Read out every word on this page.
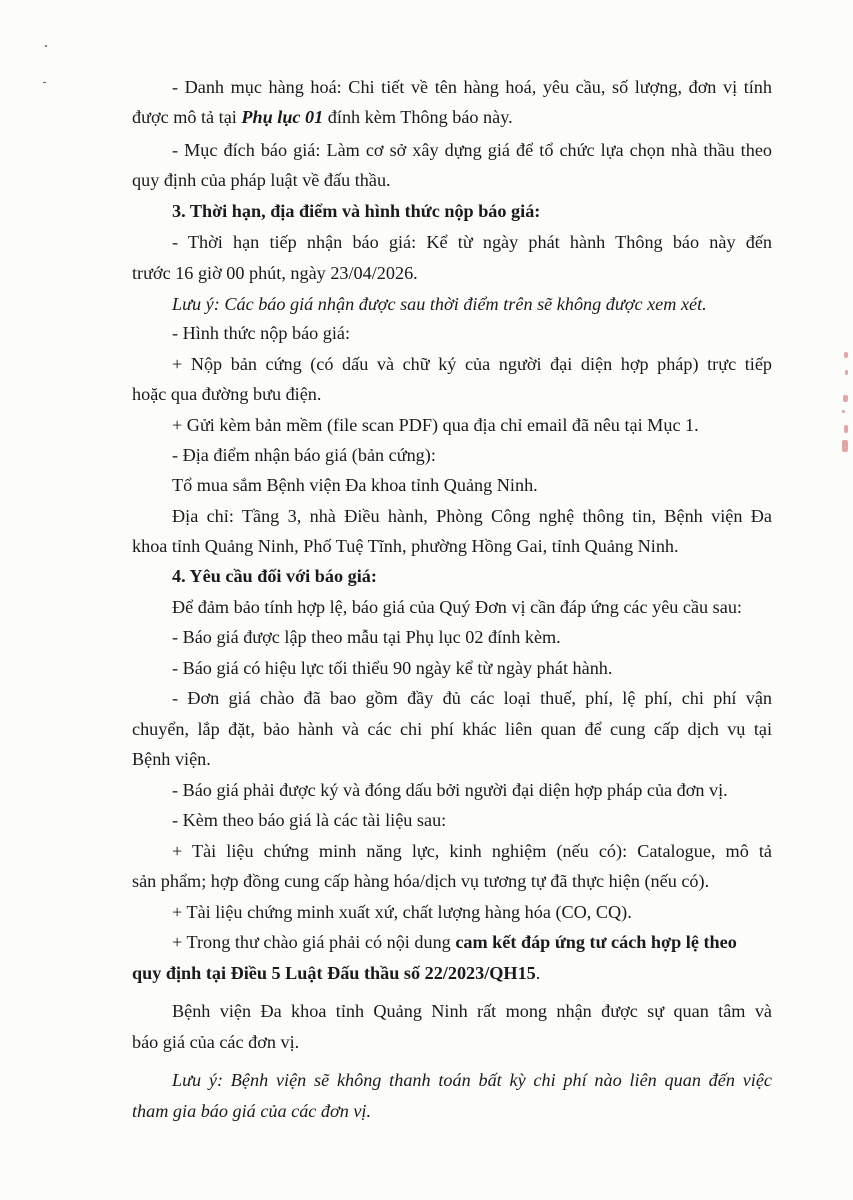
- Danh mục hàng hoá: Chi tiết về tên hàng hoá, yêu cầu, số lượng, đơn vị tính
được mô tả tại Phụ lục 01 đính kèm Thông báo này.
- Mục đích báo giá: Làm cơ sở xây dựng giá để tổ chức lựa chọn nhà thầu theo
quy định của pháp luật về đấu thầu.
3. Thời hạn, địa điểm và hình thức nộp báo giá:
- Thời hạn tiếp nhận báo giá: Kể từ ngày phát hành Thông báo này đến
trước 16 giờ 00 phút, ngày 23/04/2026.
Lưu ý: Các báo giá nhận được sau thời điểm trên sẽ không được xem xét.
- Hình thức nộp báo giá:
+ Nộp bản cứng (có dấu và chữ ký của người đại diện hợp pháp) trực tiếp
hoặc qua đường bưu điện.
+ Gửi kèm bản mềm (file scan PDF) qua địa chỉ email đã nêu tại Mục 1.
- Địa điểm nhận báo giá (bản cứng):
Tổ mua sắm Bệnh viện Đa khoa tỉnh Quảng Ninh.
Địa chỉ: Tầng 3, nhà Điều hành, Phòng Công nghệ thông tin, Bệnh viện Đa
khoa tỉnh Quảng Ninh, Phố Tuệ Tĩnh, phường Hồng Gai, tỉnh Quảng Ninh.
4. Yêu cầu đối với báo giá:
Để đảm bảo tính hợp lệ, báo giá của Quý Đơn vị cần đáp ứng các yêu cầu sau:
- Báo giá được lập theo mẫu tại Phụ lục 02 đính kèm.
- Báo giá có hiệu lực tối thiểu 90 ngày kể từ ngày phát hành.
- Đơn giá chào đã bao gồm đầy đủ các loại thuế, phí, lệ phí, chi phí vận
chuyển, lắp đặt, bảo hành và các chi phí khác liên quan để cung cấp dịch vụ tại
Bệnh viện.
- Báo giá phải được ký và đóng dấu bởi người đại diện hợp pháp của đơn vị.
- Kèm theo báo giá là các tài liệu sau:
+ Tài liệu chứng minh năng lực, kinh nghiệm (nếu có): Catalogue, mô tả
sản phẩm; hợp đồng cung cấp hàng hóa/dịch vụ tương tự đã thực hiện (nếu có).
+ Tài liệu chứng minh xuất xứ, chất lượng hàng hóa (CO, CQ).
+ Trong thư chào giá phải có nội dung cam kết đáp ứng tư cách hợp lệ theo
quy định tại Điều 5 Luật Đấu thầu số 22/2023/QH15.
Bệnh viện Đa khoa tỉnh Quảng Ninh rất mong nhận được sự quan tâm và
báo giá của các đơn vị.
Lưu ý: Bệnh viện sẽ không thanh toán bất kỳ chi phí nào liên quan đến việc
tham gia báo giá của các đơn vị.
